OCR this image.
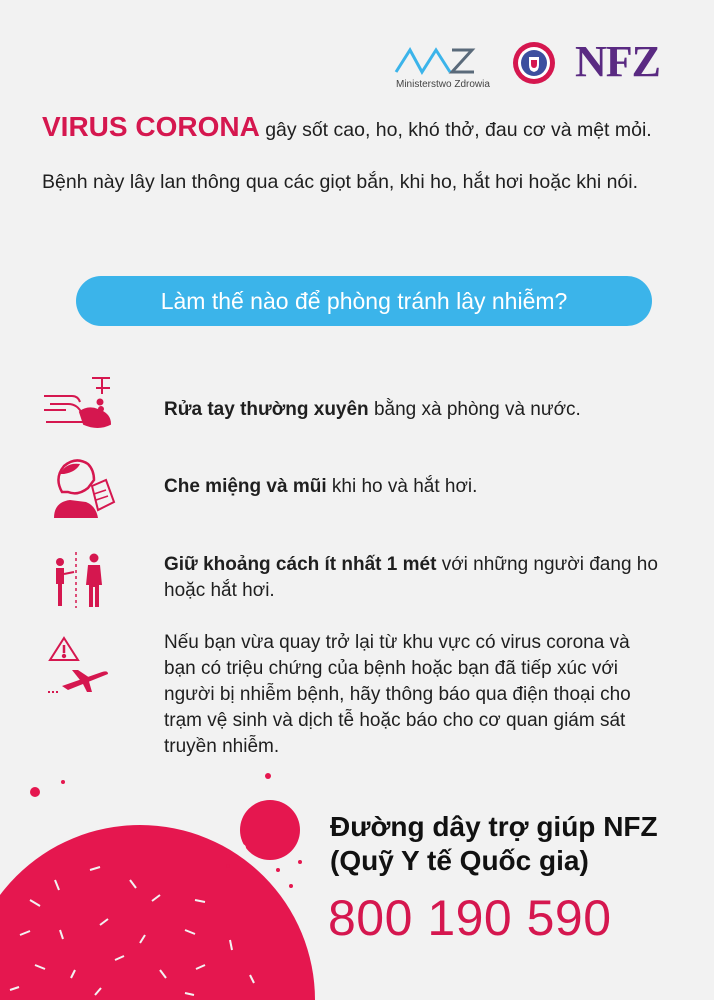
Ministerstwo Zdrowia NFZ

VIRUS CORONA gây sốt cao, ho, khó thở, đau cơ và mệt mỏi.

Bệnh này lây lan thông qua các giọt bắn, khi ho, hắt hơi hoặc khi nói.

Làm thế nào để phòng tránh lây nhiễm?
Rửa tay thường xuyên bằng xà phòng và nước.
Che miệng và mũi khi ho và hắt hơi.
Giữ khoảng cách ít nhất 1 mét với những người đang ho hoặc hắt hơi.
Nếu bạn vừa quay trở lại từ khu vực có virus corona và bạn có triệu chứng của bệnh hoặc bạn đã tiếp xúc với người bị nhiễm bệnh, hãy thông báo qua điện thoại cho trạm vệ sinh và dịch tễ hoặc báo cho cơ quan giám sát truyền nhiễm.
Đường dây trợ giúp NFZ
(Quỹ Y tế Quốc gia)
800 190 590
